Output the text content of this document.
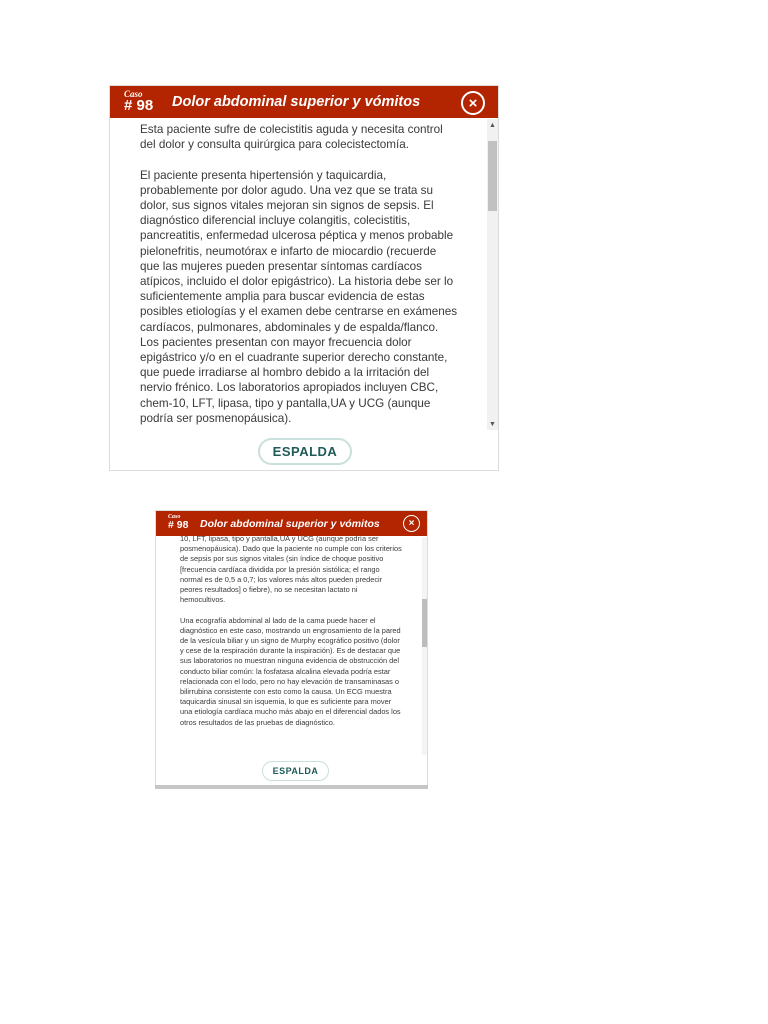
Caso
# 98 Dolor abdominal superior y vómitos	×

Esta paciente sufre de colecistitis aguda y necesita control del dolor y consulta quirúrgica para colecistectomía.

El paciente presenta hipertensión y taquicardia, probablemente por dolor agudo. Una vez que se trata su dolor, sus signos vitales mejoran sin signos de sepsis. El diagnóstico diferencial incluye colangitis, colecistitis, pancreatitis, enfermedad ulcerosa péptica y menos probable pielonefritis, neumotórax e infarto de miocardio (recuerde que las mujeres pueden presentar síntomas cardíacos atípicos, incluido el dolor epigástrico). La historia debe ser lo suficientemente amplia para buscar evidencia de estas posibles etiologías y el examen debe centrarse en exámenes cardíacos, pulmonares, abdominales y de espalda/flanco. Los pacientes presentan con mayor frecuencia dolor epigástrico y/o en el cuadrante superior derecho constante, que puede irradiarse al hombro debido a la irritación del nervio frénico. Los laboratorios apropiados incluyen CBC, chem-10, LFT, lipasa, tipo y pantalla,UA y UCG (aunque podría ser posmenopáusica).

▲
▼
ESPALDA
Caso
# 98 Dolor abdominal superior y vómitos	×

10, LFT, lipasa, tipo y pantalla,UA y UCG (aunque podría ser posmenopáusica). Dado que la paciente no cumple con los criterios de sepsis por sus signos vitales (sin índice de choque positivo [frecuencia cardíaca dividida por la presión sistólica; el rango normal es de 0,5 a 0,7; los valores más altos pueden predecir peores resultados] o fiebre), no se necesitan lactato ni hemocultivos.

Una ecografía abdominal al lado de la cama puede hacer el diagnóstico en este caso, mostrando un engrosamiento de la pared de la vesícula biliar y un signo de Murphy ecográfico positivo (dolor y cese de la respiración durante la inspiración). Es de destacar que sus laboratorios no muestran ninguna evidencia de obstrucción del conducto biliar común: la fosfatasa alcalina elevada podría estar relacionada con el lodo, pero no hay elevación de transaminasas o bilirrubina consistente con esto como la causa. Un ECG muestra taquicardia sinusal sin isquemia, lo que es suficiente para mover una etiología cardíaca mucho más abajo en el diferencial dados los otros resultados de las pruebas de diagnóstico.

ESPALDA
